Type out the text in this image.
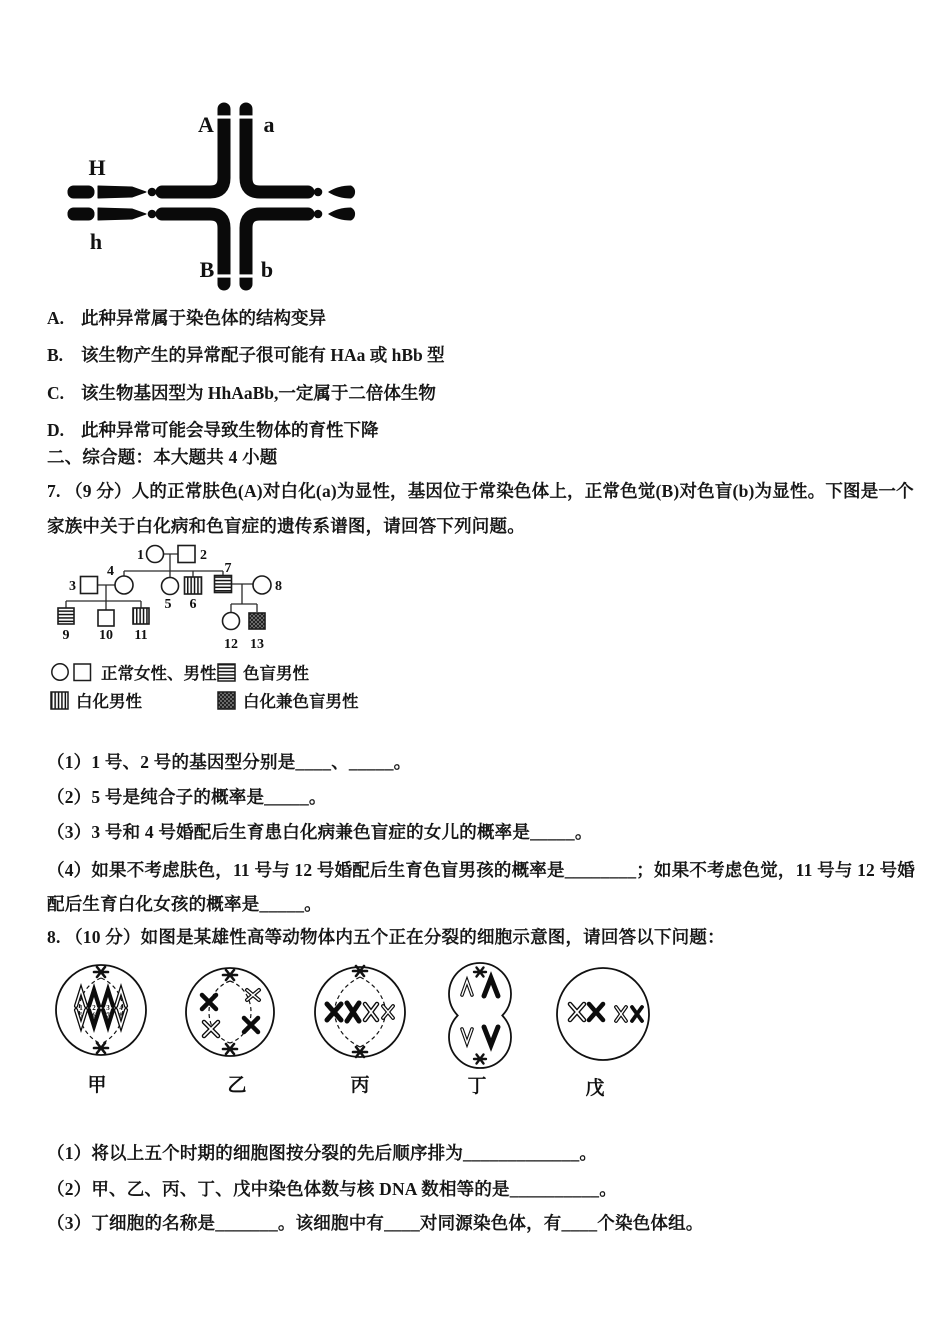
A a
H
h
B b
A. 此种异常属于染色体的结构变异
B.	该生物产生的异常配子很可能有 HAa 或 hBb 型
C. 该生物基因型为 HhAaBb,一定属于二倍体生物
D. 此种异常可能会导致生物体的育性下降
二、综合题：本大题共 4 小题
7. （9 分）人的正常肤色(A)对白化(a)为显性，基因位于常染色体上，正常色觉(B)对色盲(b)为显性。下图是一个家族中关于白化病和色盲症的遗传系谱图，请回答下列问题。
1	2
3
4
5 6
7
8
9 10 11
12 13
正常女性、男性 色盲男性
白化男性	白化兼色盲男性
（1）1 号、2 号的基因型分别是____、_____。
（2）5 号是纯合子的概率是_____。
（3）3 号和 4 号婚配后生育患白化病兼色盲症的女儿的概率是_____。
（4）如果不考虑肤色，11 号与 12 号婚配后生育色盲男孩的概率是________；如果不考虑色觉，11 号与 12 号婚配后生育白化女孩的概率是_____。
8. （10 分）如图是某雄性高等动物体内五个正在分裂的细胞示意图，请回答以下问题：
1 2 3 4
5 6 7 8
甲	乙	丙	丁	戊
（1）将以上五个时期的细胞图按分裂的先后顺序排为_____________。
（2）甲、乙、丙、丁、戊中染色体数与核 DNA 数相等的是__________。
（3）丁细胞的名称是_______。该细胞中有____对同源染色体，有____个染色体组。
